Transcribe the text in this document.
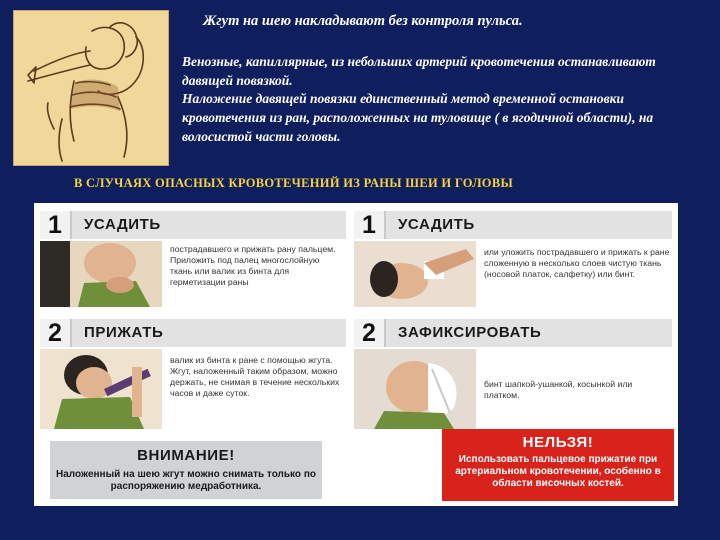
Жгут на шею накладывают без контроля пульса.
Венозные, капиллярные, из небольших артерий кровотечения останавливают давящей повязкой.
Наложение давящей повязки единственный метод временной остановки кровотечения из ран, расположенных на туловище ( в ягодичной области), на волосистой части головы.
В СЛУЧАЯХ ОПАСНЫХ КРОВОТЕЧЕНИЙ ИЗ РАНЫ ШЕИ И ГОЛОВЫ
1	УСАДИТЬ
пострадавшего и прижать рану пальцем. Приложить под палец многослойную ткань или валик из бинта для герметизации раны
2	ПРИЖАТЬ
валик из бинта к ране с помощью жгута. Жгут, наложенный таким образом, можно держать, не снимая в течение нескольких часов и даже суток.
ВНИМАНИЕ!
Наложенный на шею жгут можно снимать только по распоряжению медработника.
1	УСАДИТЬ
или уложить пострадавшего и прижать к ране сложенную в несколько слоев чистую ткань (носовой платок, салфетку) или бинт.
2	ЗАФИКСИРОВАТЬ
бинт шапкой-ушанкой, косынкой или платком.
НЕЛЬЗЯ!
Использовать пальцевое прижатие при артериальном кровотечении, особенно в области височных костей.
